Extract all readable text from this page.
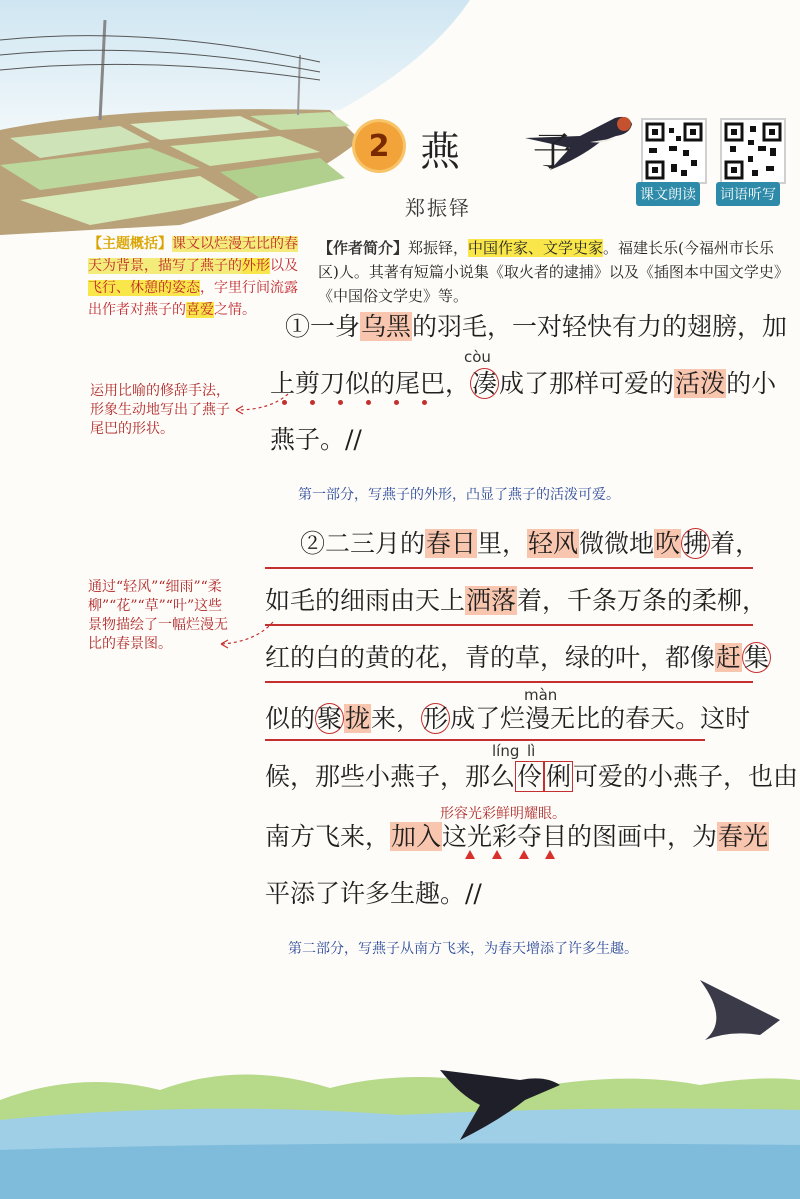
2 燕 子
郑振铎
课文朗读 词语听写
【主题概括】课文以烂漫无比的春天为背景，描写了燕子的外形以及飞行、休憩的姿态，字里行间流露出作者对燕子的喜爱之情。
【作者简介】郑振铎，中国作家、文学史家。福建长乐(今福州市长乐区)人。其著有短篇小说集《取火者的逮捕》以及《插图本中国文学史》《中国俗文学史》等。
①一身乌黑的羽毛，一对轻快有力的翅膀，加
còu
上剪刀似的尾巴，凑成了那样可爱的活泼的小
燕子。//
运用比喻的修辞手法，形象生动地写出了燕子尾巴的形状。
第一部分，写燕子的外形，凸显了燕子的活泼可爱。
②二三月的春日里，轻风微微地吹 拂着，
如毛的细雨由天上洒落着，千条万条的柔柳，
红的白的黄的花，青的草，绿的叶，都像赶 集
màn
似的聚 拢来，形成了烂漫无比的春天。这时
líng lì
候，那些小燕子，那么伶 俐可爱的小燕子，也由
形容光彩鲜明耀眼。
南方飞来，加入这光彩夺目的图画中，为春光
平添了许多生趣。//
通过“轻风”“细雨”“柔柳”“花”“草”“叶”这些景物描绘了一幅烂漫无比的春景图。
第二部分，写燕子从南方飞来，为春天增添了许多生趣。
